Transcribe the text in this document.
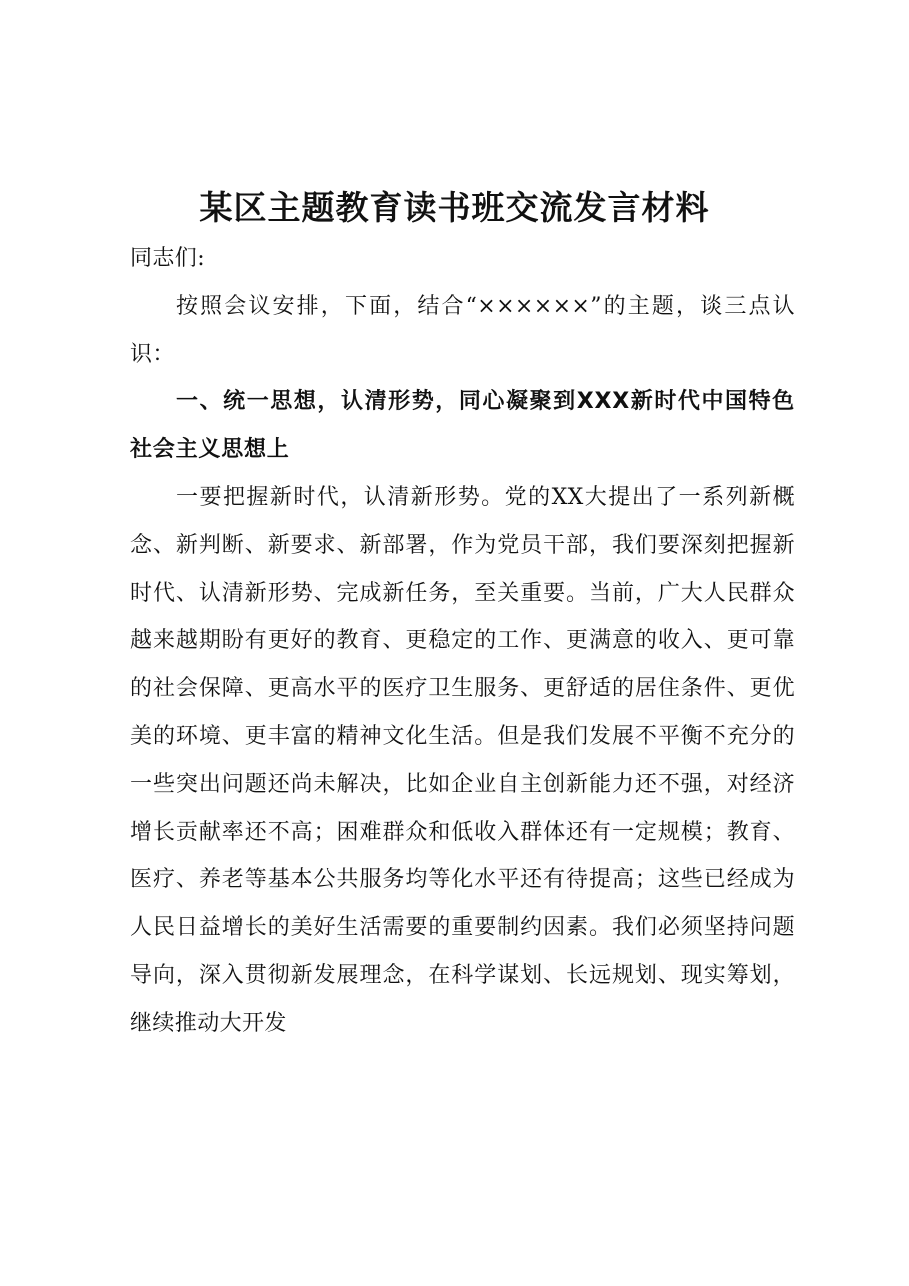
某区主题教育读书班交流发言材料

同志们:

按照会议安排，下面，结合“××××××”的主题，谈三点认识：

一、统一思想，认清形势，同心凝聚到XXX新时代中国特色社会主义思想上

一要把握新时代，认清新形势。党的XX大提出了一系列新概念、新判断、新要求、新部署，作为党员干部，我们要深刻把握新时代、认清新形势、完成新任务，至关重要。当前，广大人民群众越来越期盼有更好的教育、更稳定的工作、更满意的收入、更可靠的社会保障、更高水平的医疗卫生服务、更舒适的居住条件、更优美的环境、更丰富的精神文化生活。但是我们发展不平衡不充分的一些突出问题还尚未解决，比如企业自主创新能力还不强，对经济增长贡献率还不高；困难群众和低收入群体还有一定规模；教育、医疗、养老等基本公共服务均等化水平还有待提高；这些已经成为人民日益增长的美好生活需要的重要制约因素。我们必须坚持问题导向，深入贯彻新发展理念，在科学谋划、长远规划、现实筹划，继续推动大开发
